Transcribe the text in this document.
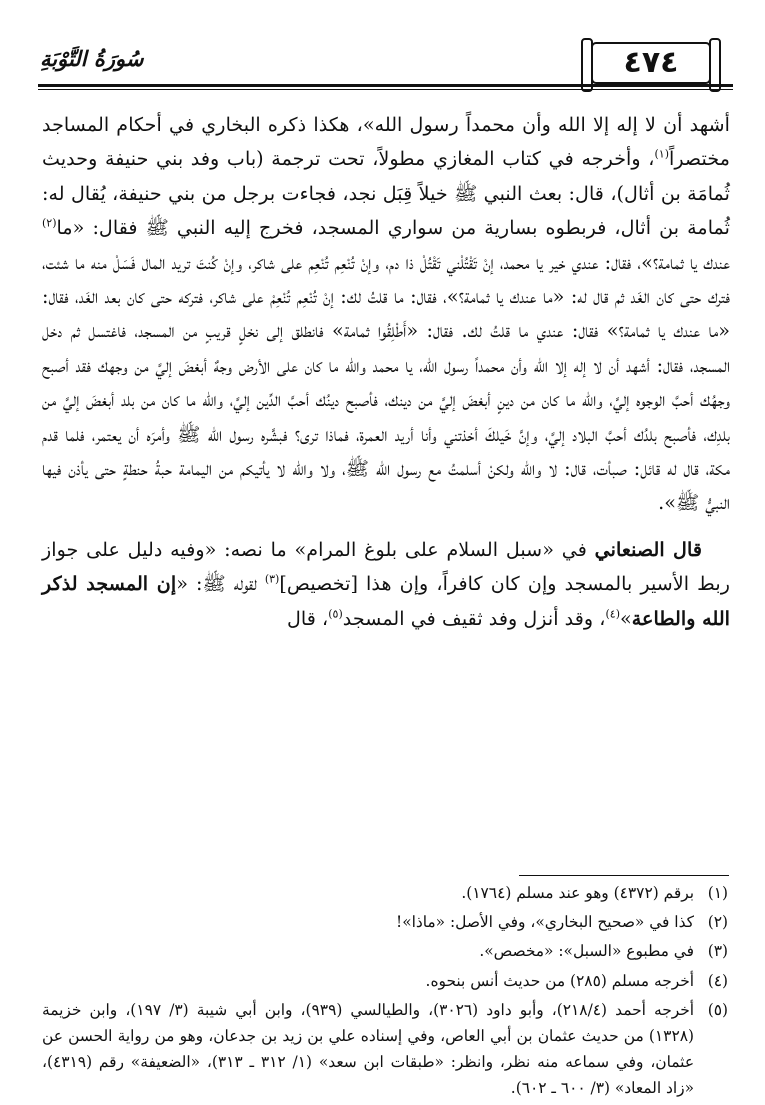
٤٧٤
سُورَةُ التَّوْبَةِ

أشهد أن لا إله إلا الله وأن محمداً رسول الله»، هكذا ذكره البخاري في أحكام المساجد مختصراً$^{(١)}$، وأخرجه في كتاب المغازي مطولاً، تحت ترجمة (باب وفد بني حنيفة وحديث ثُمامَة بن أثال)، قال: بعث النبي ﷺ خيلاً قِبَل نجد، فجاءت برجل من بني حنيفة، يُقال له: ثُمامة بن أثال، فربطوه بسارية من سواري المسجد، فخرج إليه النبي ﷺ فقال: «ما$^{(٢)}$ عندك يا ثمامة؟»، فقال: عندي خير يا محمد، إنْ تَقْتُلْني تَقْتُلْ ذا دم، وإنْ تُنْعِم تُنْعِم على شاكر، وإنْ كُنتَ تريد المال فَسَلْ منه ما شئت، فترك حتى كان الغَد ثم قال له: «ما عندك يا ثمامة؟»، فقال: ما قلتُ لك: إنْ تُنْعِم تُنْعِمْ على شاكر، فتركه حتى كان بعد الغَد، فقال: «ما عندك يا ثمامة؟» فقال: عندي ما قلتُ لك. فقال: «أَطْلِقُوا ثمامة» فانطلق إلى نخلٍ قريبٍ من المسجد، فاغتسل ثم دخل المسجد، فقال: أشهد أن لا إله إلا الله وأن محمداً رسول الله، يا محمد والله ما كان على الأرض وجهٌ أبغضَ إليَّ من وجهك فقد أصبح وجهُك أحبَّ الوجوه إليَّ، والله ما كان من دينٍ أبغضَ إليَّ من دينك، فأصبح دينُك أحبَّ الدِّين إليَّ، والله ما كان من بلد أبغضَ إليَّ من بلدِك، فأصبح بلدُك أحبَّ البلاد إليَّ، وإنَّ خَيلكَ أخذتني وأنا أريد العمرة، فماذا ترى؟ فبشَّره رسول الله ﷺ وأمرَه أن يعتمر، فلما قدم مكة، قال له قائل: صبأت، قال: لا والله ولكنْ أسلمتُ مع رسول الله ﷺ، ولا والله لا يأتيكم من اليمامة حبةُ حنطةٍ حتى يأذن فيها النبيُّ ﷺ».

قال الصنعاني في «سبل السلام على بلوغ المرام» ما نصه: «وفيه دليل على جواز ربط الأسير بالمسجد وإن كان كافراً، وإن هذا [تخصيص]$^{(٣)}$ لقوله ﷺ: «إن المسجد لذكر الله والطاعة»$^{(٤)}$، وقد أنزل وفد ثقيف في المسجد$^{(٥)}$، قال

(١)
برقم (٤٣٧٢) وهو عند مسلم (١٧٦٤).
(٢)
كذا في «صحيح البخاري»، وفي الأصل: «ماذا»!
(٣)
في مطبوع «السبل»: «مخصص».
(٤)
أخرجه مسلم (٢٨٥) من حديث أنس بنحوه.
(٥)
أخرجه أحمد (٢١٨/٤)، وأبو داود (٣٠٢٦)، والطيالسي (٩٣٩)، وابن أبي شيبة (٣/ ١٩٧)، وابن خزيمة (١٣٢٨) من حديث عثمان بن أبي العاص، وفي إسناده علي بن زيد بن جدعان، وهو من رواية الحسن عن عثمان، وفي سماعه منه نظر، وانظر: «طبقات ابن سعد» (١/ ٣١٢ ـ ٣١٣)، «الضعيفة» رقم (٤٣١٩)، «زاد المعاد» (٣/ ٦٠٠ ـ ٦٠٢).
